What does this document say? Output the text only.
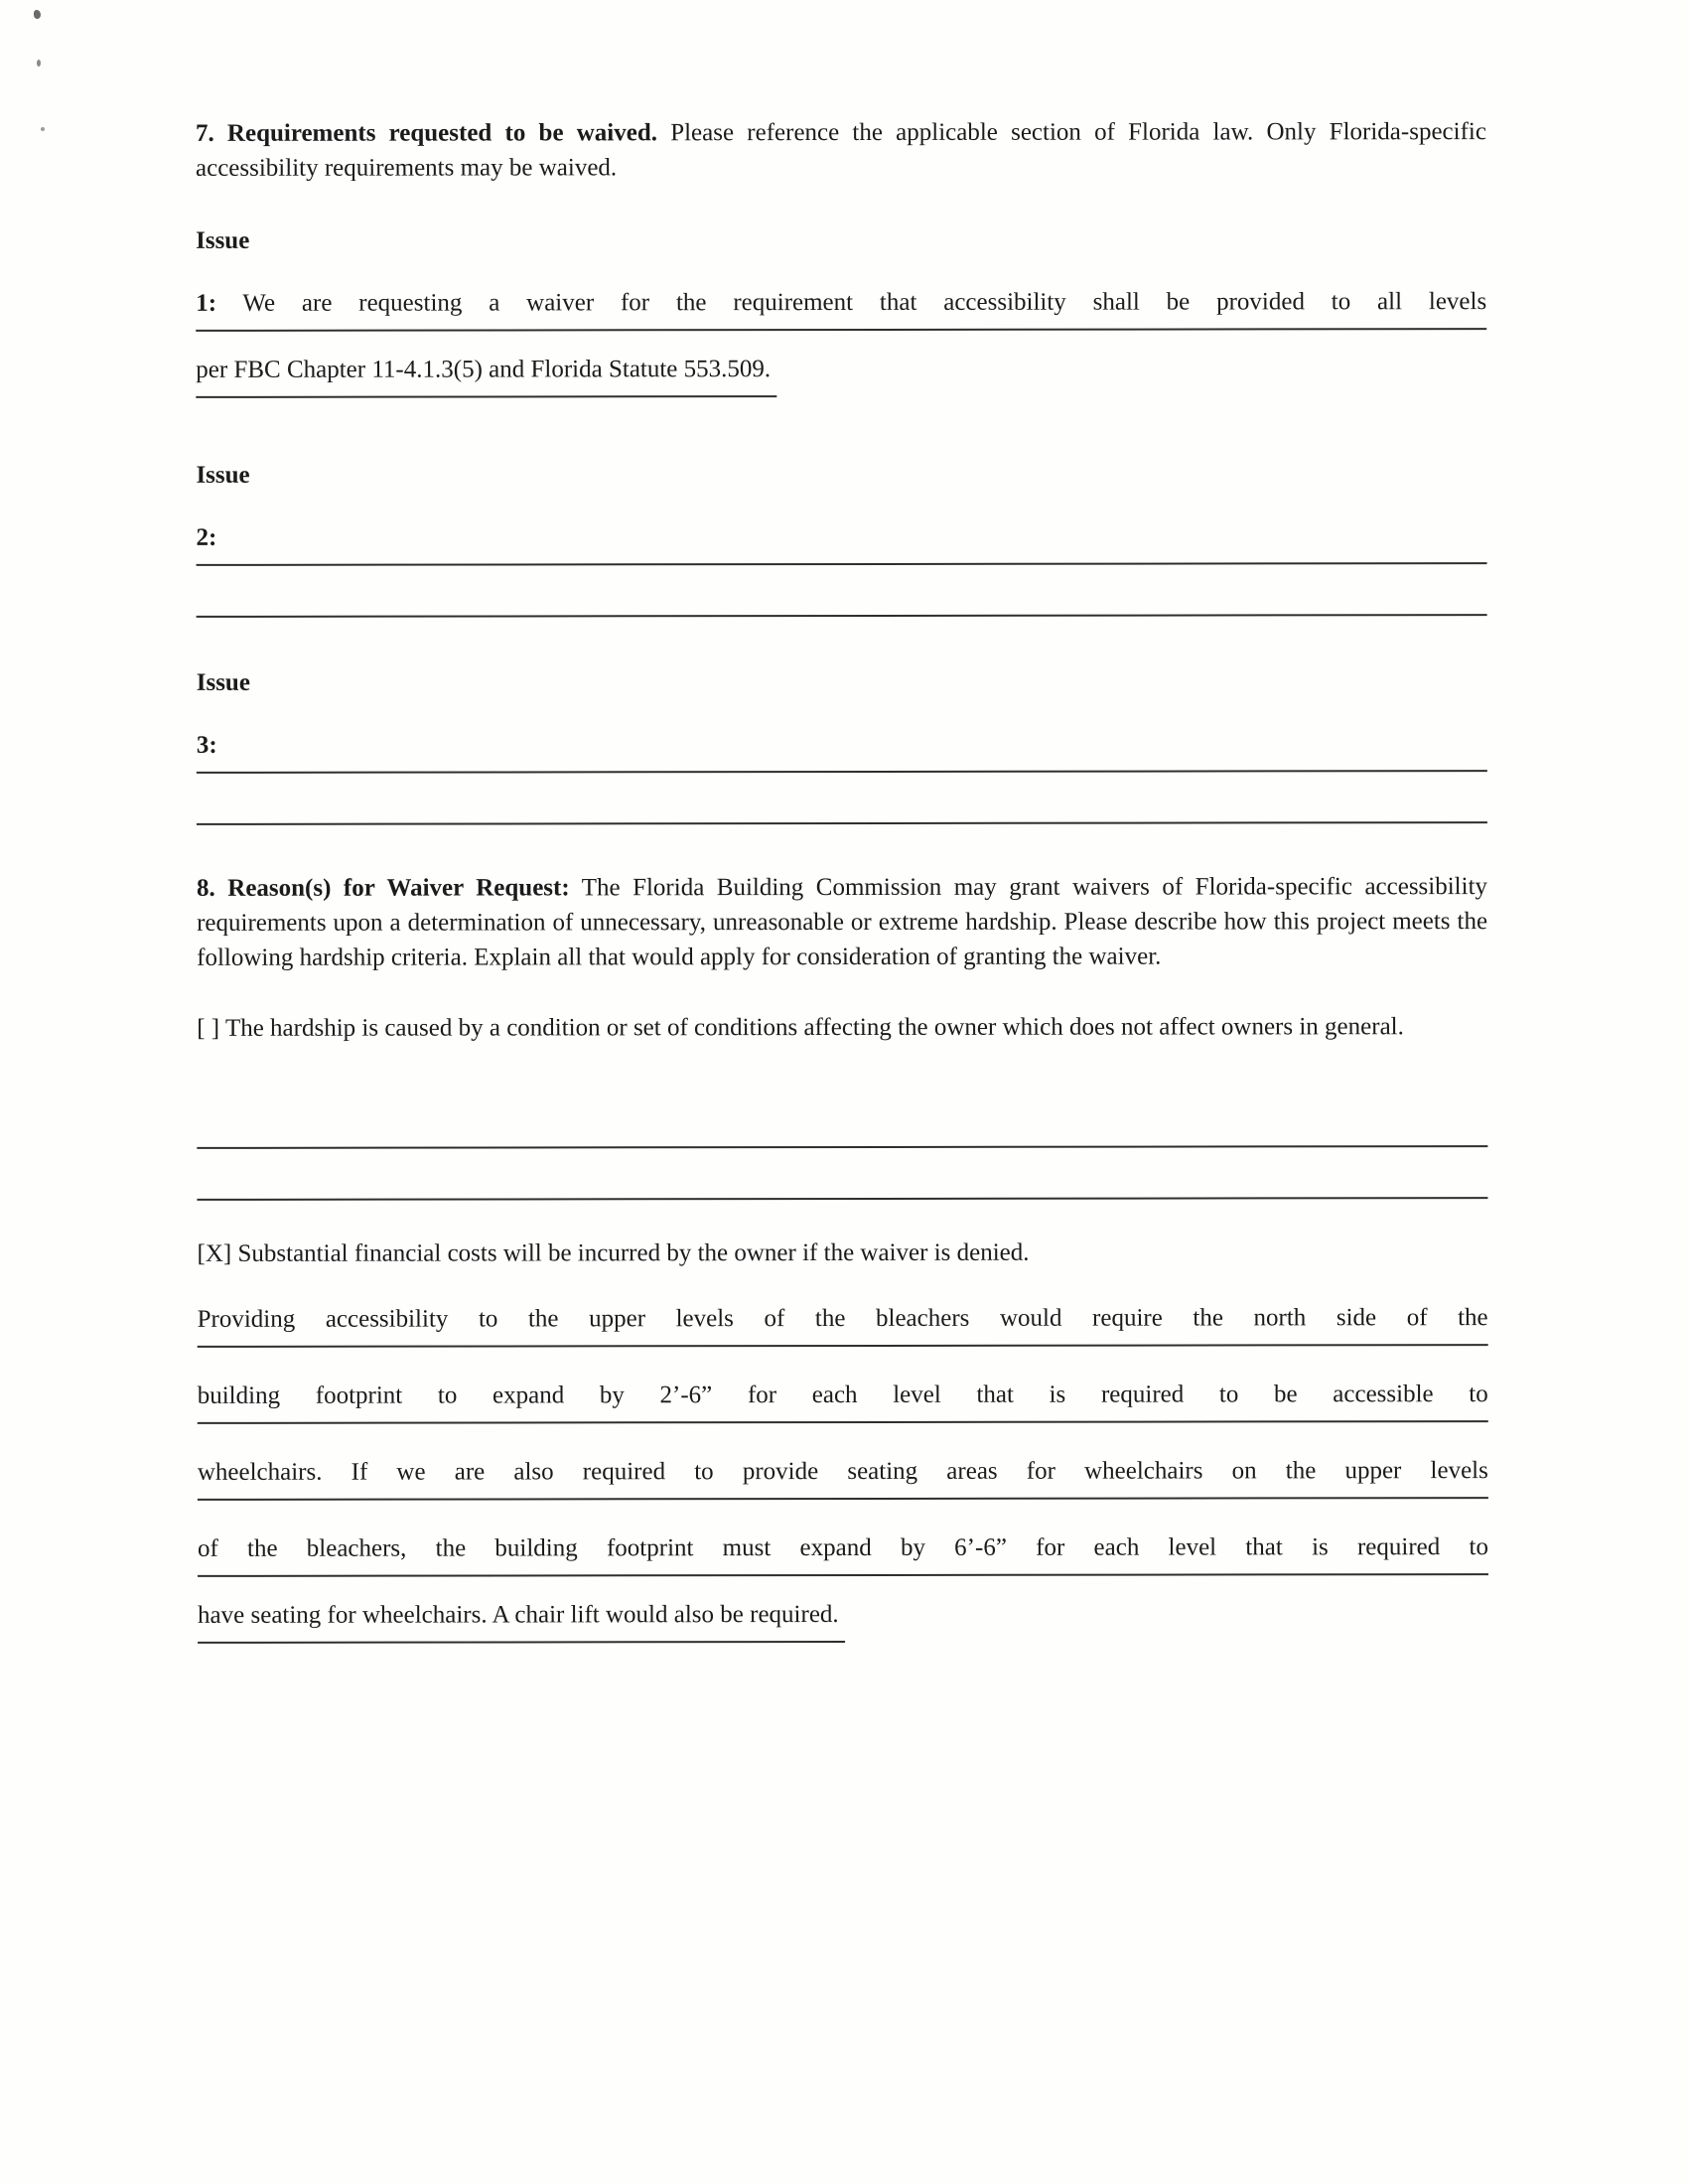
7. Requirements requested to be waived. Please reference the applicable section of Florida law. Only Florida-specific accessibility requirements may be waived.

Issue
1: We are requesting a waiver for the requirement that accessibility shall be provided to all levels
per FBC Chapter 11-4.1.3(5) and Florida Statute 553.509.
Issue
2:
Issue
3:

8. Reason(s) for Waiver Request: The Florida Building Commission may grant waivers of Florida-specific accessibility requirements upon a determination of unnecessary, unreasonable or extreme hardship. Please describe how this project meets the following hardship criteria. Explain all that would apply for consideration of granting the waiver.

[ ] The hardship is caused by a condition or set of conditions affecting the owner which does not affect owners in general.

[X] Substantial financial costs will be incurred by the owner if the waiver is denied.

Providing accessibility to the upper levels of the bleachers would require the north side of the
building footprint to expand by 2’-6” for each level that is required to be accessible to
wheelchairs. If we are also required to provide seating areas for wheelchairs on the upper levels
of the bleachers, the building footprint must expand by 6’-6” for each level that is required to
have seating for wheelchairs. A chair lift would also be required.
